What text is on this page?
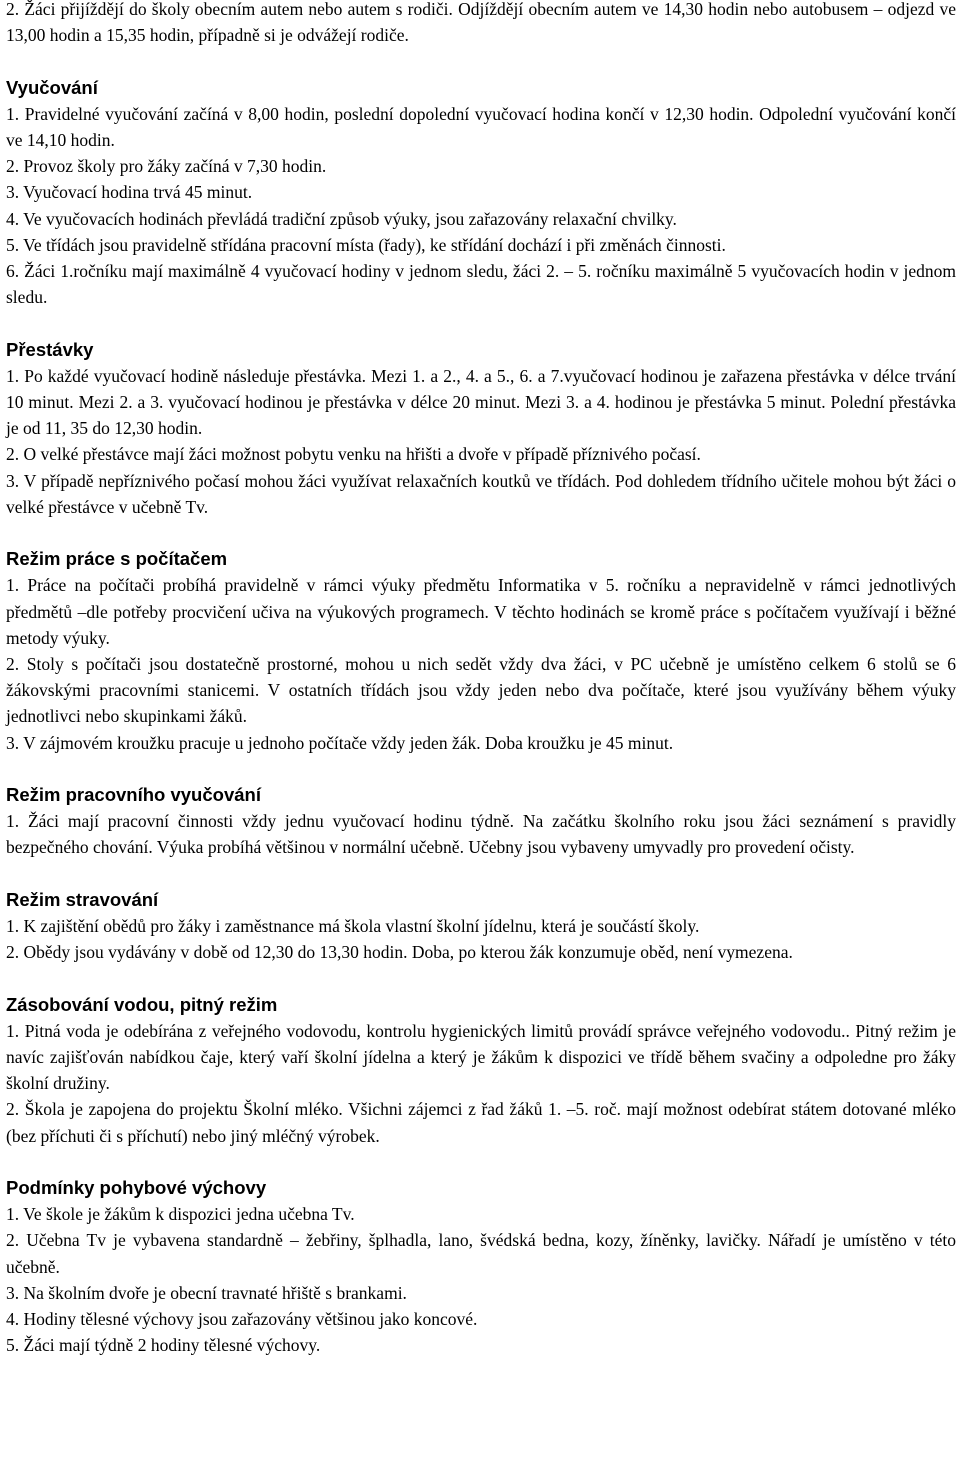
2. Žáci přijíždějí do školy obecním autem nebo autem s rodiči. Odjíždějí obecním autem ve 14,30 hodin nebo autobusem – odjezd ve 13,00 hodin a 15,35 hodin, případně si je odvážejí rodiče.

Vyučování

1. Pravidelné vyučování začíná v 8,00 hodin, poslední dopolední vyučovací hodina končí v 12,30 hodin. Odpolední vyučování končí ve 14,10 hodin.

2. Provoz školy pro žáky začíná v 7,30 hodin.

3. Vyučovací hodina trvá 45 minut.

4. Ve vyučovacích hodinách převládá tradiční způsob výuky, jsou zařazovány relaxační chvilky.

5. Ve třídách jsou pravidelně střídána pracovní místa (řady), ke střídání dochází i při změnách činnosti.

6. Žáci 1.ročníku mají maximálně 4 vyučovací hodiny v jednom sledu, žáci 2. – 5. ročníku maximálně 5 vyučovacích hodin v jednom sledu.

Přestávky

1. Po každé vyučovací hodině následuje přestávka. Mezi 1. a 2., 4. a 5., 6. a 7.vyučovací hodinou je zařazena přestávka v délce trvání 10 minut. Mezi 2. a 3. vyučovací hodinou je přestávka v délce 20 minut. Mezi 3. a 4. hodinou je přestávka 5 minut. Polední přestávka je od 11, 35 do 12,30 hodin.

2. O velké přestávce mají žáci možnost pobytu venku na hřišti a dvoře v případě příznivého počasí.

3. V případě nepříznivého počasí mohou žáci využívat relaxačních koutků ve třídách. Pod dohledem třídního učitele mohou být žáci o velké přestávce v učebně Tv.

Režim práce s počítačem

1. Práce na počítači probíhá pravidelně v rámci výuky předmětu Informatika v 5. ročníku a nepravidelně v rámci jednotlivých předmětů –dle potřeby procvičení učiva na výukových programech. V těchto hodinách se kromě práce s počítačem využívají i běžné metody výuky.

2. Stoly s počítači jsou dostatečně prostorné, mohou u nich sedět vždy dva žáci, v PC učebně je umístěno celkem 6 stolů se 6 žákovskými pracovními stanicemi. V ostatních třídách jsou vždy jeden nebo dva počítače, které jsou využívány během výuky jednotlivci nebo skupinkami žáků.

3. V zájmovém kroužku pracuje u jednoho počítače vždy jeden žák. Doba kroužku je 45 minut.

Režim pracovního vyučování

1. Žáci mají pracovní činnosti vždy jednu vyučovací hodinu týdně. Na začátku školního roku jsou žáci seznámení s pravidly bezpečného chování. Výuka probíhá většinou v normální učebně. Učebny jsou vybaveny umyvadly pro provedení očisty.

Režim stravování

1. K zajištění obědů pro žáky i zaměstnance má škola vlastní školní jídelnu, která je součástí školy.

2. Obědy jsou vydávány v době od 12,30 do 13,30 hodin. Doba, po kterou žák konzumuje oběd, není vymezena.

Zásobování vodou, pitný režim

1. Pitná voda je odebírána z veřejného vodovodu, kontrolu hygienických limitů provádí správce veřejného vodovodu.. Pitný režim je navíc zajišťován nabídkou čaje, který vaří školní jídelna a který je žákům k dispozici ve třídě během svačiny a odpoledne pro žáky školní družiny.

2. Škola je zapojena do projektu Školní mléko. Všichni zájemci z řad žáků 1. –5. roč. mají možnost odebírat státem dotované mléko (bez příchuti či s příchutí) nebo jiný mléčný výrobek.

Podmínky pohybové výchovy

1. Ve škole je žákům k dispozici jedna učebna Tv.

2. Učebna Tv je vybavena standardně – žebřiny, šplhadla, lano, švédská bedna, kozy, žíněnky, lavičky. Nářadí je umístěno v této učebně.

3. Na školním dvoře je obecní travnaté hřiště s brankami.

4. Hodiny tělesné výchovy jsou zařazovány většinou jako koncové.

5. Žáci mají týdně 2 hodiny tělesné výchovy.
